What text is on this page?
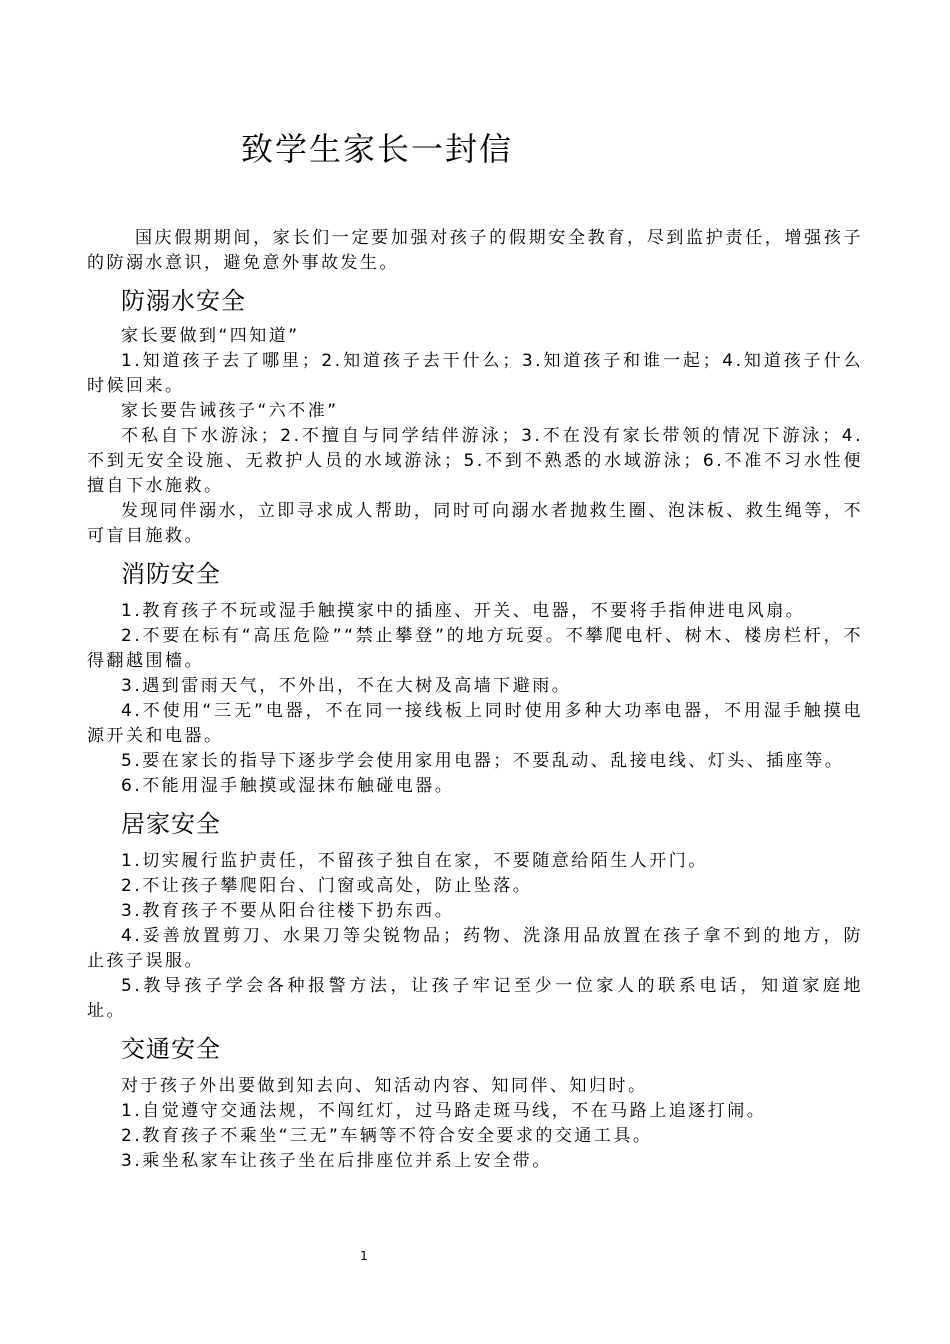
致学生家长一封信

国庆假期期间，家长们一定要加强对孩子的假期安全教育，尽到监护责任，增强孩子的防溺水意识，避免意外事故发生。

防溺水安全

家长要做到“四知道”

1.知道孩子去了哪里；2.知道孩子去干什么；3.知道孩子和谁一起；4.知道孩子什么时候回来。

家长要告诫孩子“六不准”

不私自下水游泳；2.不擅自与同学结伴游泳；3.不在没有家长带领的情况下游泳；4.不到无安全设施、无救护人员的水域游泳；5.不到不熟悉的水域游泳；6.不准不习水性便擅自下水施救。

发现同伴溺水，立即寻求成人帮助，同时可向溺水者抛救生圈、泡沫板、救生绳等，不可盲目施救。

消防安全

1.教育孩子不玩或湿手触摸家中的插座、开关、电器，不要将手指伸进电风扇。

2.不要在标有“高压危险”“禁止攀登”的地方玩耍。不攀爬电杆、树木、楼房栏杆，不得翻越围檣。

3.遇到雷雨天气，不外出，不在大树及高墙下避雨。

4.不使用“三无”电器，不在同一接线板上同时使用多种大功率电器，不用湿手触摸电源开关和电器。

5.要在家长的指导下逐步学会使用家用电器；不要乱动、乱接电线、灯头、插座等。

6.不能用湿手触摸或湿抹布触碰电器。

居家安全

1.切实履行监护责任，不留孩子独自在家，不要随意给陌生人开门。

2.不让孩子攀爬阳台、门窗或高处，防止坠落。

3.教育孩子不要从阳台往楼下扔东西。

4.妥善放置剪刀、水果刀等尖锐物品；药物、洗涤用品放置在孩子拿不到的地方，防止孩子误服。

5.教导孩子学会各种报警方法，让孩子牢记至少一位家人的联系电话，知道家庭地址。

交通安全

对于孩子外出要做到知去向、知活动内容、知同伴、知归时。

1.自觉遵守交通法规，不闯红灯，过马路走斑马线，不在马路上追逐打闹。

2.教育孩子不乘坐“三无”车辆等不符合安全要求的交通工具。

3.乘坐私家车让孩子坐在后排座位并系上安全带。

1
